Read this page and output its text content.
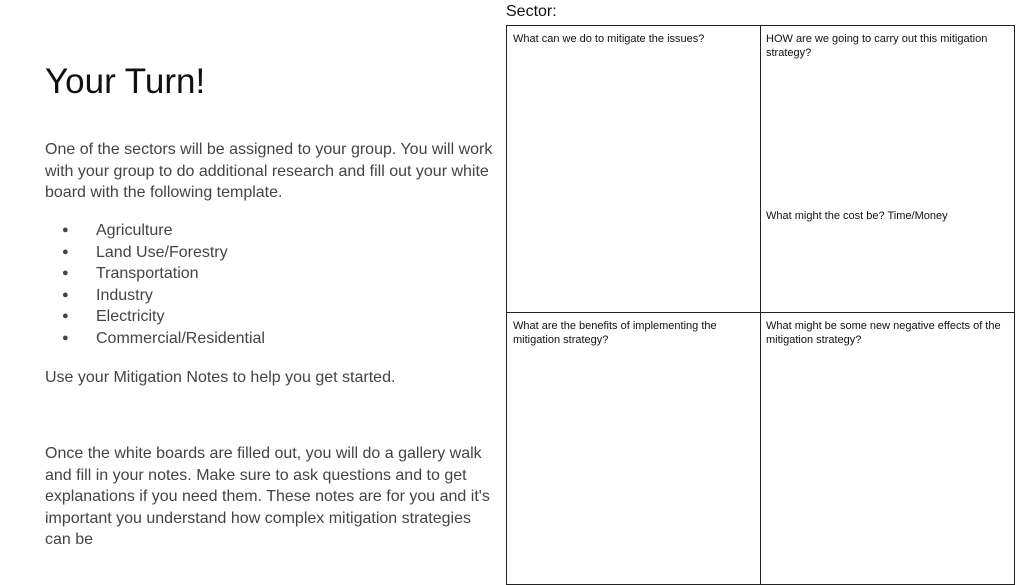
Your Turn!

One of the sectors will be assigned to your group. You will work with your group to do additional research and fill out your white board with the following template.

● Agriculture
● Land Use/Forestry
● Transportation
● Industry
● Electricity
● Commercial/Residential

Use your Mitigation Notes to help you get started.

Once the white boards are filled out, you will do a gallery walk and fill in your notes. Make sure to ask questions and to get explanations if you need them. These notes are for you and it's important you understand how complex mitigation strategies can be

Sector:
What can we do to mitigate the issues?	HOW are we going to carry out this mitigation strategy?
What might the cost be? Time/Money
What are the benefits of implementing the mitigation strategy?
What might be some new negative effects of the mitigation strategy?
